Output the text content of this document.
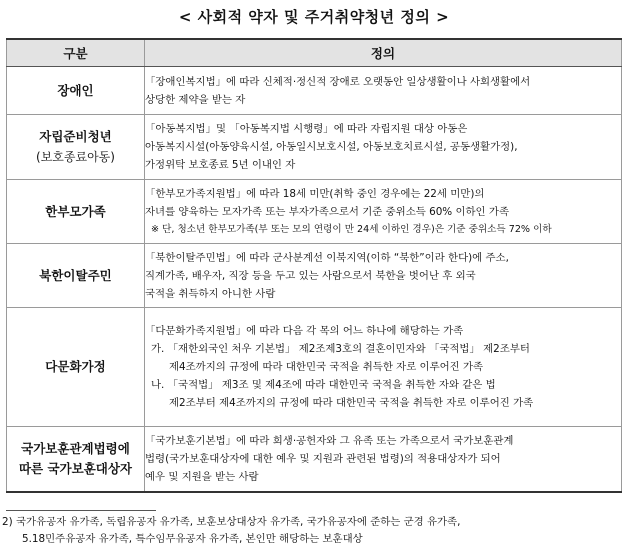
< 사회적 약자 및 주거취약청년 정의 >
구분	정의
장애인	「장애인복지법」에 따라 신체적·정신적 장애로 오랫동안 일상생활이나 사회생활에서
상당한 제약을 받는 자

자립준비청년
(보호종료아동)	「아동복지법」및 「아동복지법 시행령」에 따라 자립지원 대상 아동은
아동복지시설(아동양육시설, 아동일시보호시설, 아동보호치료시설, 공동생활가정),
가정위탁 보호종료 5년 이내인 자

한부모가족	「한부모가족지원법」에 따라 18세 미만(취학 중인 경우에는 22세 미만)의
자녀를 양육하는 모자가족 또는 부자가족으로서 기준 중위소득 60% 이하인 가족
※ 단, 청소년 한부모가족(부 또는 모의 연령이 만 24세 이하인 경우)은 기준 중위소득 72% 이하

북한이탈주민	「북한이탈주민법」에 따라 군사분계선 이북지역(이하 “북한”이라 한다)에 주소,
직계가족, 배우자, 직장 등을 두고 있는 사람으로서 북한을 벗어난 후 외국
국적을 취득하지 아니한 사람

다문화가정	「다문화가족지원법」에 따라 다음 각 목의 어느 하나에 해당하는 가족
가. 「재한외국인 처우 기본법」 제2조제3호의 결혼이민자와 「국적법」 제2조부터
제4조까지의 규정에 따라 대한민국 국적을 취득한 자로 이루어진 가족
나. 「국적법」 제3조 및 제4조에 따라 대한민국 국적을 취득한 자와 같은 법
제2조부터 제4조까지의 규정에 따라 대한민국 국적을 취득한 자로 이루어진 가족

국가보훈관계법령에
따른 국가보훈대상자	「국가보훈기본법」에 따라 희생·공헌자와 그 유족 또는 가족으로서 국가보훈관계
법령(국가보훈대상자에 대한 예우 및 지원과 관련된 법령)의 적용대상자가 되어
예우 및 지원을 받는 사람
2) 국가유공자 유가족, 독립유공자 유가족, 보훈보상대상자 유가족, 국가유공자에 준하는 군경 유가족,
5.18민주유공자 유가족, 특수임무유공자 유가족, 본인만 해당하는 보훈대상
